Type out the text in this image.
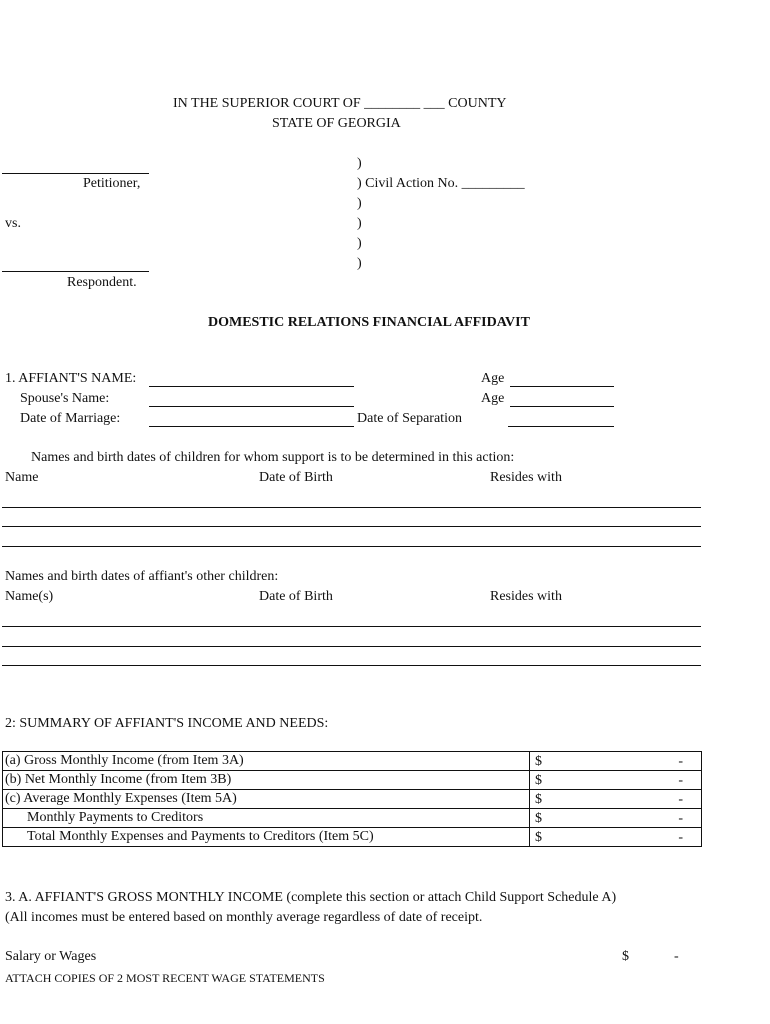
IN THE SUPERIOR COURT OF ________ ___ COUNTY
STATE OF GEORGIA
Petitioner,
vs.
Respondent.
)
) Civil Action No. _________
)
)
)
)
DOMESTIC RELATIONS FINANCIAL AFFIDAVIT
1. AFFIANT'S NAME:	Age
Spouse's Name:	Age
Date of Marriage:	Date of Separation
Names and birth dates of children for whom support is to be determined in this action:
Name	Date of Birth	Resides with
Names and birth dates of affiant's other children:
Name(s)	Date of Birth	Resides with
2: SUMMARY OF AFFIANT'S INCOME AND NEEDS:
(a) Gross Monthly Income (from Item 3A)	$ -

(b) Net Monthly Income (from Item 3B)	$ -

(c) Average Monthly Expenses (Item 5A)	$ -

Monthly Payments to Creditors	$ -

Total Monthly Expenses and Payments to Creditors (Item 5C)	$ -
3. A. AFFIANT'S GROSS MONTHLY INCOME (complete this section or attach Child Support Schedule A)
(All incomes must be entered based on monthly average regardless of date of receipt.
Salary or Wages	$	-
ATTACH COPIES OF 2 MOST RECENT WAGE STATEMENTS
